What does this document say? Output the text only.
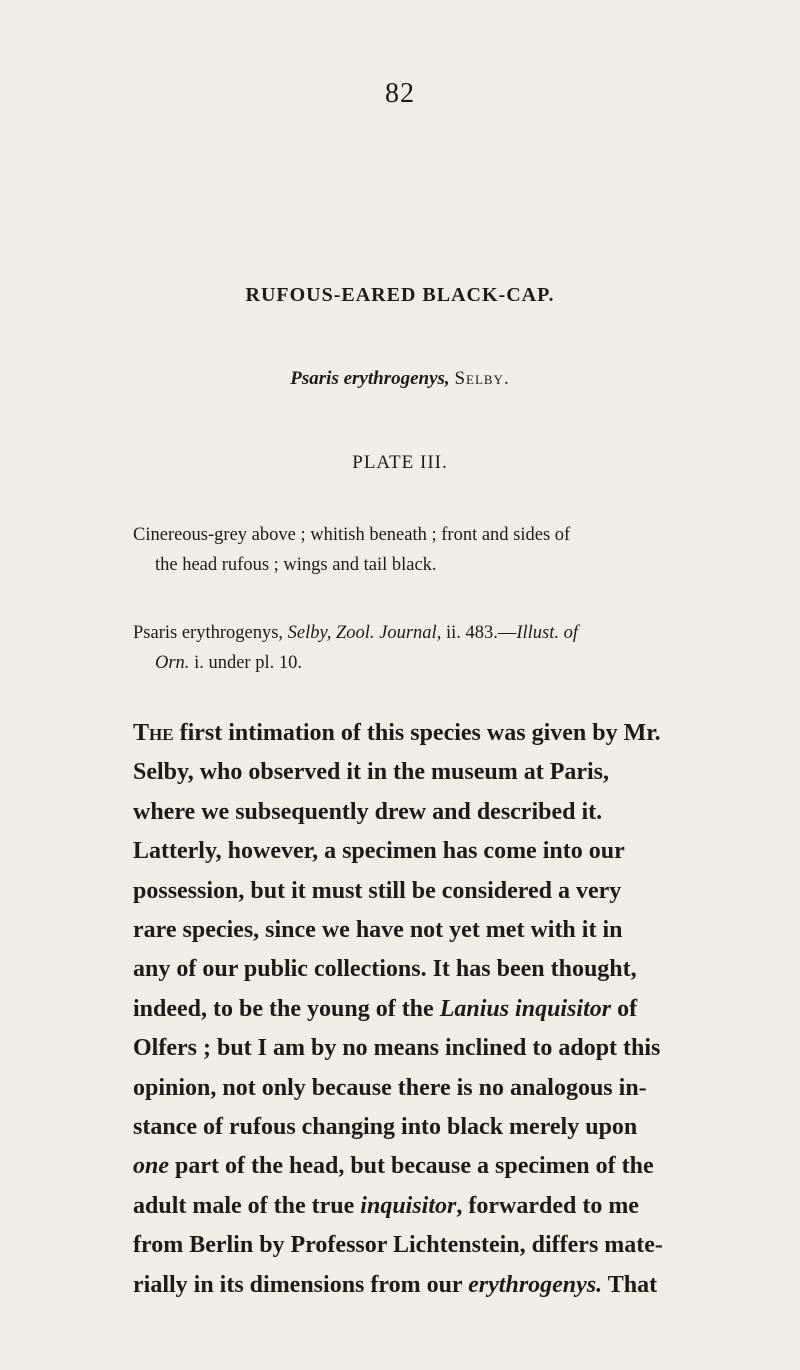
82
RUFOUS-EARED BLACK-CAP.
Psaris erythrogenys, Selby.
PLATE III.
Cinereous-grey above ; whitish beneath ; front and sides of
the head rufous ; wings and tail black.
Psaris erythrogenys, Selby, Zool. Journal, ii. 483.—Illust. of
Orn. i. under pl. 10.
The first intimation of this species was given by Mr.
Selby, who observed it in the museum at Paris,
where we subsequently drew and described it.
Latterly, however, a specimen has come into our
possession, but it must still be considered a very
rare species, since we have not yet met with it in
any of our public collections. It has been thought,
indeed, to be the young of the Lanius inquisitor of
Olfers ; but I am by no means inclined to adopt this
opinion, not only because there is no analogous in-
stance of rufous changing into black merely upon
one part of the head, but because a specimen of the
adult male of the true inquisitor, forwarded to me
from Berlin by Professor Lichtenstein, differs mate-
rially in its dimensions from our erythrogenys. That
